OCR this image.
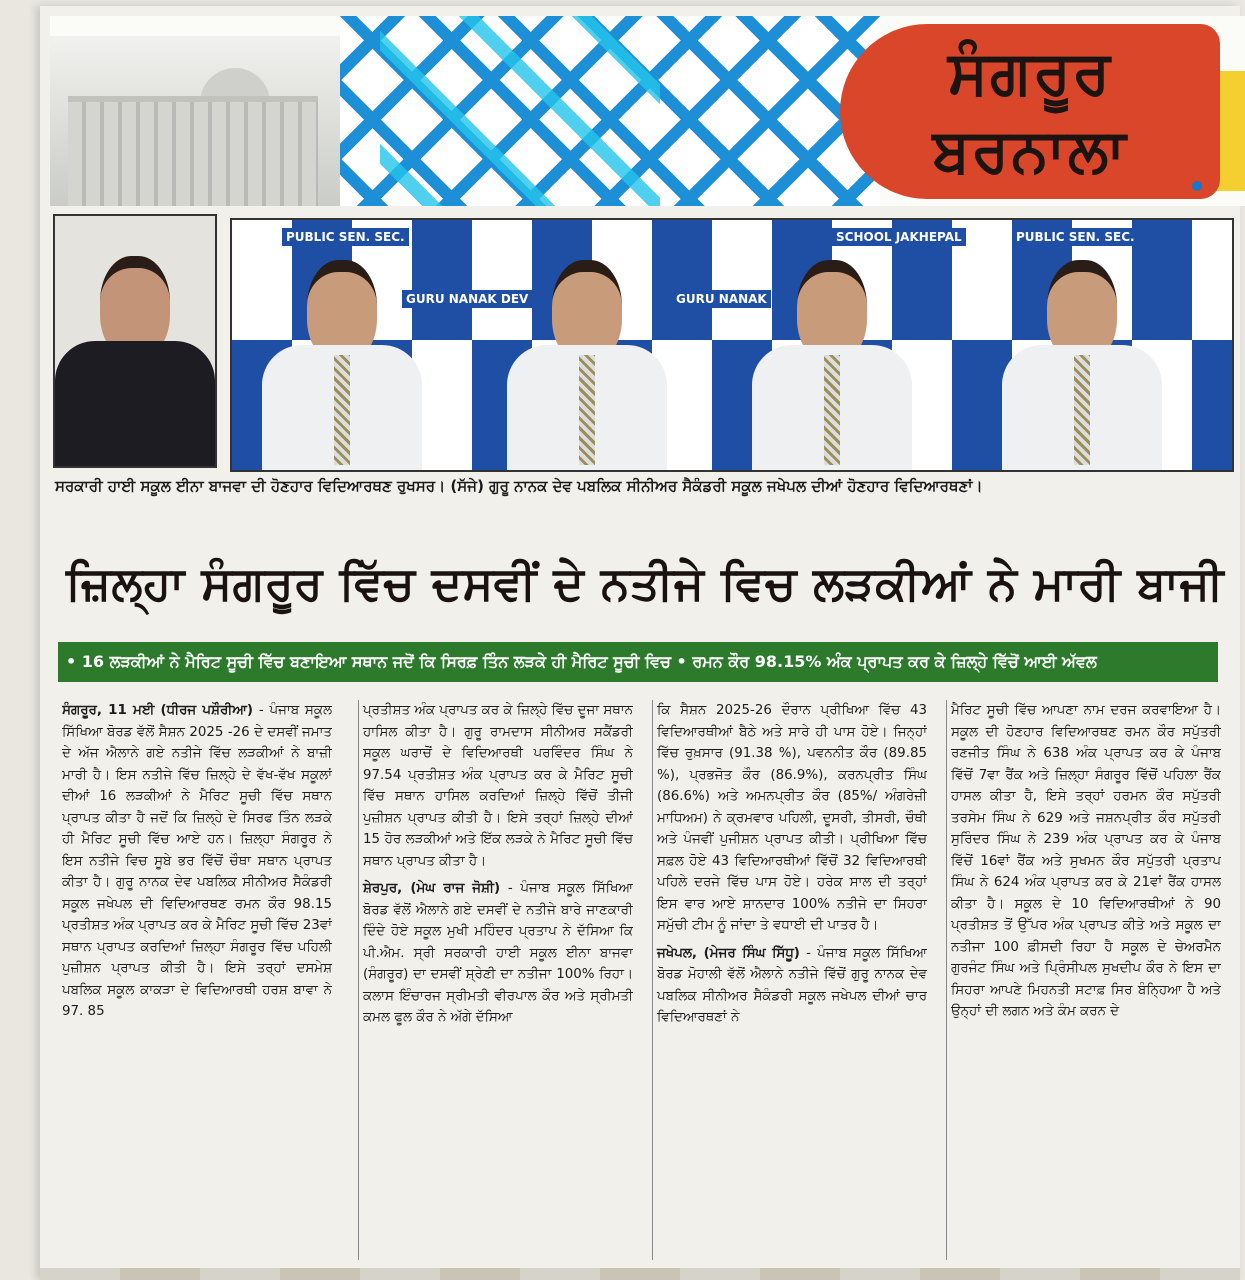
ਸੰਗਰੂਰ
ਬਰਨਾਲਾ
PUBLIC SEN. SEC.
GURU NANAK DEV
SCHOOL JAKHEPAL	PUBLIC SEN. SEC.
GURU NANAK

ਸਰਕਾਰੀ ਹਾਈ ਸਕੂਲ ਈਨਾ ਬਾਜਵਾ ਦੀ ਹੋਣਹਾਰ ਵਿਦਿਆਰਥਣ ਰੁਖਸਰ। (ਸੱਜੇ) ਗੁਰੂ ਨਾਨਕ ਦੇਵ ਪਬਲਿਕ ਸੀਨੀਅਰ ਸੈਕੰਡਰੀ ਸਕੂਲ ਜਖੇਪਲ ਦੀਆਂ ਹੋਣਹਾਰ ਵਿਦਿਆਰਥਣਾਂ।

ਜ਼ਿਲ੍ਹਾ ਸੰਗਰੂਰ ਵਿੱਚ ਦਸਵੀਂ ਦੇ ਨਤੀਜੇ ਵਿਚ ਲੜਕੀਆਂ ਨੇ ਮਾਰੀ ਬਾਜੀ
• 16 ਲੜਕੀਆਂ ਨੇ ਮੈਰਿਟ ਸੂਚੀ ਵਿੱਚ ਬਣਾਇਆ ਸਥਾਨ ਜਦੋਂ ਕਿ ਸਿਰਫ਼ ਤਿੰਨ ਲੜਕੇ ਹੀ ਮੈਰਿਟ ਸੂਚੀ ਵਿਚ • ਰਮਨ ਕੌਰ 98.15% ਅੰਕ ਪ੍ਰਾਪਤ ਕਰ ਕੇ ਜ਼ਿਲ੍ਹੇ ਵਿੱਚੋਂ ਆਈ ਅੱਵਲ

ਸੰਗਰੂਰ, 11 ਮਈ (ਧੀਰਜ ਪਸ਼ੌਰੀਆ) - ਪੰਜਾਬ ਸਕੂਲ ਸਿੱਖਿਆ ਬੋਰਡ ਵੱਲੋਂ ਸੈਸ਼ਨ 2025 -26 ਦੇ ਦਸਵੀਂ ਜਮਾਤ ਦੇ ਅੱਜ ਐਲਾਨੇ ਗਏ ਨਤੀਜੇ ਵਿੱਚ ਲੜਕੀਆਂ ਨੇ ਬਾਜ਼ੀ ਮਾਰੀ ਹੈ। ਇਸ ਨਤੀਜੇ ਵਿੱਚ ਜ਼ਿਲ੍ਹੇ ਦੇ ਵੱਖ-ਵੱਖ ਸਕੂਲਾਂ ਦੀਆਂ 16 ਲੜਕੀਆਂ ਨੇ ਮੈਰਿਟ ਸੂਚੀ ਵਿੱਚ ਸਥਾਨ ਪ੍ਰਾਪਤ ਕੀਤਾ ਹੈ ਜਦੋਂ ਕਿ ਜ਼ਿਲ੍ਹੇ ਦੇ ਸਿਰਫ ਤਿੰਨ ਲੜਕੇ ਹੀ ਮੈਰਿਟ ਸੂਚੀ ਵਿੱਚ ਆਏ ਹਨ। ਜ਼ਿਲ੍ਹਾ ਸੰਗਰੂਰ ਨੇ ਇਸ ਨਤੀਜੇ ਵਿਚ ਸੂਬੇ ਭਰ ਵਿੱਚੋਂ ਚੌਥਾ ਸਥਾਨ ਪ੍ਰਾਪਤ ਕੀਤਾ ਹੈ। ਗੁਰੂ ਨਾਨਕ ਦੇਵ ਪਬਲਿਕ ਸੀਨੀਅਰ ਸੈਕੰਡਰੀ ਸਕੂਲ ਜਖੇਪਲ ਦੀ ਵਿਦਿਆਰਥਣ ਰਮਨ ਕੌਰ 98.15 ਪ੍ਰਤੀਸ਼ਤ ਅੰਕ ਪ੍ਰਾਪਤ ਕਰ ਕੇ ਮੈਰਿਟ ਸੂਚੀ ਵਿੱਚ 23ਵਾਂ ਸਥਾਨ ਪ੍ਰਾਪਤ ਕਰਦਿਆਂ ਜ਼ਿਲ੍ਹਾ ਸੰਗਰੂਰ ਵਿੱਚ ਪਹਿਲੀ ਪੁਜ਼ੀਸ਼ਨ ਪ੍ਰਾਪਤ ਕੀਤੀ ਹੈ। ਇਸੇ ਤਰ੍ਹਾਂ ਦਸਮੇਸ਼ ਪਬਲਿਕ ਸਕੂਲ ਕਾਕੜਾ ਦੇ ਵਿਦਿਆਰਥੀ ਹਰਸ਼ ਬਾਵਾ ਨੇ 97. 85

ਪ੍ਰਤੀਸ਼ਤ ਅੰਕ ਪ੍ਰਾਪਤ ਕਰ ਕੇ ਜ਼ਿਲ੍ਹੇ ਵਿੱਚ ਦੂਜਾ ਸਥਾਨ ਹਾਸਿਲ ਕੀਤਾ ਹੈ। ਗੁਰੂ ਰਾਮਦਾਸ ਸੀਨੀਅਰ ਸਕੈਂਡਰੀ ਸਕੂਲ ਘਰਾਚੋਂ ਦੇ ਵਿਦਿਆਰਥੀ ਪਰਵਿੰਦਰ ਸਿੰਘ ਨੇ 97.54 ਪ੍ਰਤੀਸ਼ਤ ਅੰਕ ਪ੍ਰਾਪਤ ਕਰ ਕੇ ਮੈਰਿਟ ਸੂਚੀ ਵਿੱਚ ਸਥਾਨ ਹਾਸਿਲ ਕਰਦਿਆਂ ਜ਼ਿਲ੍ਹੇ ਵਿੱਚੋਂ ਤੀਜੀ ਪੁਜ਼ੀਸ਼ਨ ਪ੍ਰਾਪਤ ਕੀਤੀ ਹੈ। ਇਸੇ ਤਰ੍ਹਾਂ ਜ਼ਿਲ੍ਹੇ ਦੀਆਂ 15 ਹੋਰ ਲੜਕੀਆਂ ਅਤੇ ਇੱਕ ਲੜਕੇ ਨੇ ਮੈਰਿਟ ਸੂਚੀ ਵਿੱਚ ਸਥਾਨ ਪ੍ਰਾਪਤ ਕੀਤਾ ਹੈ।

ਸ਼ੇਰਪੁਰ, (ਮੇਘ ਰਾਜ ਜੋਸ਼ੀ) - ਪੰਜਾਬ ਸਕੂਲ ਸਿੱਖਿਆ ਬੋਰਡ ਵੱਲੋਂ ਐਲਾਨੇ ਗਏ ਦਸਵੀਂ ਦੇ ਨਤੀਜੇ ਬਾਰੇ ਜਾਣਕਾਰੀ ਦਿੰਦੇ ਹੋਏ ਸਕੂਲ ਮੁਖੀ ਮਹਿੰਦਰ ਪ੍ਰਤਾਪ ਨੇ ਦੱਸਿਆ ਕਿ ਪੀ.ਐਮ. ਸ੍ਰੀ ਸਰਕਾਰੀ ਹਾਈ ਸਕੂਲ ਈਨਾ ਬਾਜਵਾ (ਸੰਗਰੂਰ) ਦਾ ਦਸਵੀਂ ਸ਼੍ਰੇਣੀ ਦਾ ਨਤੀਜਾ 100% ਰਿਹਾ। ਕਲਾਸ ਇੰਚਾਰਜ ਸ੍ਰੀਮਤੀ ਵੀਰਪਾਲ ਕੌਰ ਅਤੇ ਸ੍ਰੀਮਤੀ ਕਮਲ ਫੂਲ ਕੌਰ ਨੇ ਅੱਗੇ ਦੱਸਿਆ

ਕਿ ਸੈਸ਼ਨ 2025-26 ਦੌਰਾਨ ਪ੍ਰੀਖਿਆ ਵਿੱਚ 43 ਵਿਦਿਆਰਥੀਆਂ ਬੈਠੇ ਅਤੇ ਸਾਰੇ ਹੀ ਪਾਸ ਹੋਏ। ਜਿਨ੍ਹਾਂ ਵਿੱਚ ਰੁਖ਼ਸਾਰ (91.38 %), ਪਵਨਨੀਤ ਕੌਰ (89.85 %), ਪ੍ਰਭਜੋਤ ਕੌਰ (86.9%), ਕਰਨਪ੍ਰੀਤ ਸਿੰਘ (86.6%) ਅਤੇ ਅਮਨਪ੍ਰੀਤ ਕੌਰ (85%/ ਅੰਗਰੇਜ਼ੀ ਮਾਧਿਅਮ) ਨੇ ਕ੍ਰਮਵਾਰ ਪਹਿਲੀ, ਦੂਸਰੀ, ਤੀਸਰੀ, ਚੌਥੀ ਅਤੇ ਪੰਜਵੀਂ ਪੁਜੀਸ਼ਨ ਪ੍ਰਾਪਤ ਕੀਤੀ। ਪ੍ਰੀਖਿਆ ਵਿੱਚ ਸਫ਼ਲ ਹੋਏ 43 ਵਿਦਿਆਰਥੀਆਂ ਵਿੱਚੋਂ 32 ਵਿਦਿਆਰਥੀ ਪਹਿਲੇ ਦਰਜੇ ਵਿੱਚ ਪਾਸ ਹੋਏ। ਹਰੇਕ ਸਾਲ ਦੀ ਤਰ੍ਹਾਂ ਇਸ ਵਾਰ ਆਏ ਸ਼ਾਨਦਾਰ 100% ਨਤੀਜੇ ਦਾ ਸਿਹਰਾ ਸਮੁੱਚੀ ਟੀਮ ਨੂੰ ਜਾਂਦਾ ਤੇ ਵਧਾਈ ਦੀ ਪਾਤਰ ਹੈ।

ਜਖੇਪਲ, (ਮੇਜਰ ਸਿੰਘ ਸਿੱਧੂ) - ਪੰਜਾਬ ਸਕੂਲ ਸਿੱਖਿਆ ਬੋਰਡ ਮੋਹਾਲੀ ਵੱਲੋਂ ਐਲਾਨੇ ਨਤੀਜੇ ਵਿੱਚੋਂ ਗੁਰੂ ਨਾਨਕ ਦੇਵ ਪਬਲਿਕ ਸੀਨੀਅਰ ਸੈਕੰਡਰੀ ਸਕੂਲ ਜਖੇਪਲ ਦੀਆਂ ਚਾਰ ਵਿਦਿਆਰਥਣਾਂ ਨੇ

ਮੈਰਿਟ ਸੂਚੀ ਵਿੱਚ ਆਪਣਾ ਨਾਮ ਦਰਜ ਕਰਵਾਇਆ ਹੈ। ਸਕੂਲ ਦੀ ਹੋਣਹਾਰ ਵਿਦਿਆਰਥਣ ਰਮਨ ਕੌਰ ਸਪੁੱਤਰੀ ਰਣਜੀਤ ਸਿੰਘ ਨੇ 638 ਅੰਕ ਪ੍ਰਾਪਤ ਕਰ ਕੇ ਪੰਜਾਬ ਵਿੱਚੋਂ 7ਵਾ ਰੈਂਕ ਅਤੇ ਜ਼ਿਲ੍ਹਾ ਸੰਗਰੂਰ ਵਿੱਚੋਂ ਪਹਿਲਾ ਰੈਂਕ ਹਾਸਲ ਕੀਤਾ ਹੈ, ਇਸੇ ਤਰ੍ਹਾਂ ਹਰਮਨ ਕੌਰ ਸਪੁੱਤਰੀ ਤਰਸੇਮ ਸਿੰਘ ਨੇ 629 ਅਤੇ ਜਸ਼ਨਪ੍ਰੀਤ ਕੌਰ ਸਪੁੱਤਰੀ ਸੁਰਿੰਦਰ ਸਿੰਘ ਨੇ 239 ਅੰਕ ਪ੍ਰਾਪਤ ਕਰ ਕੇ ਪੰਜਾਬ ਵਿੱਚੋਂ 16ਵਾਂ ਰੈਂਕ ਅਤੇ ਸੁਖਮਨ ਕੌਰ ਸਪੁੱਤਰੀ ਪ੍ਰਤਾਪ ਸਿੰਘ ਨੇ 624 ਅੰਕ ਪ੍ਰਾਪਤ ਕਰ ਕੇ 21ਵਾਂ ਰੈਂਕ ਹਾਸਲ ਕੀਤਾ ਹੈ। ਸਕੂਲ ਦੇ 10 ਵਿਦਿਆਰਥੀਆਂ ਨੇ 90 ਪ੍ਰਤੀਸ਼ਤ ਤੋਂ ਉੱਪਰ ਅੰਕ ਪ੍ਰਾਪਤ ਕੀਤੇ ਅਤੇ ਸਕੂਲ ਦਾ ਨਤੀਜਾ 100 ਫ਼ੀਸਦੀ ਰਿਹਾ ਹੈ ਸਕੂਲ ਦੇ ਚੇਅਰਮੈਨ ਗੁਰਜੰਟ ਸਿੰਘ ਅਤੇ ਪ੍ਰਿੰਸੀਪਲ ਸੁਖਦੀਪ ਕੌਰ ਨੇ ਇਸ ਦਾ ਸਿਹਰਾ ਆਪਣੇ ਮਿਹਨਤੀ ਸਟਾਫ਼ ਸਿਰ ਬੰਨ੍ਹਿਆ ਹੈ ਅਤੇ ਉਨ੍ਹਾਂ ਦੀ ਲਗਨ ਅਤੇ ਕੰਮ ਕਰਨ ਦੇ
